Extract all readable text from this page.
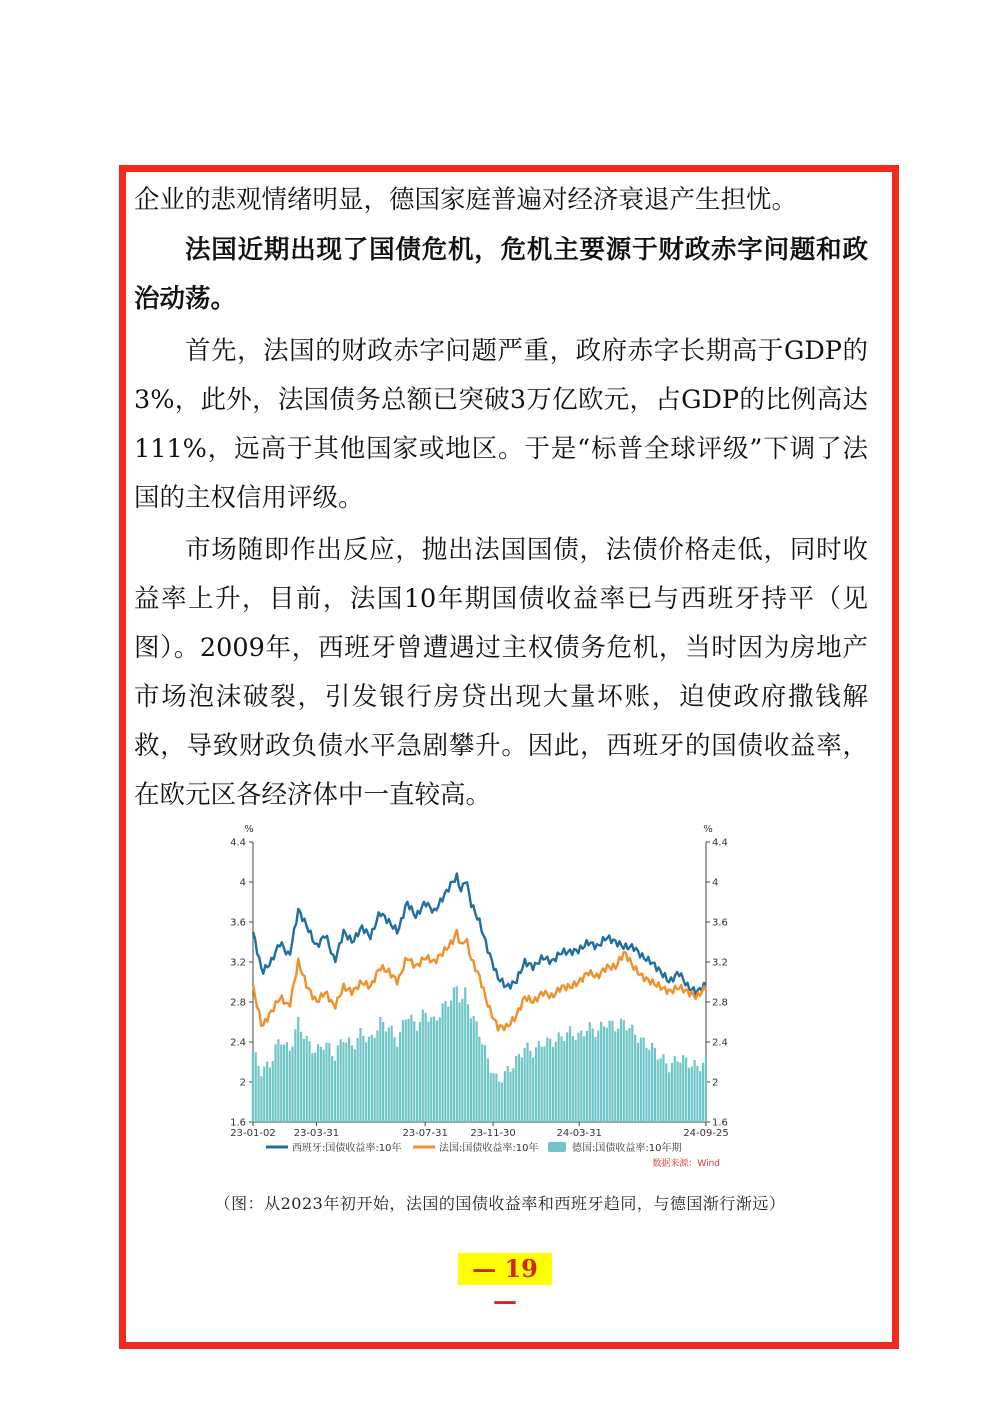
企业的悲观情绪明显，德国家庭普遍对经济衰退产生担忧。

法国近期出现了国债危机，危机主要源于财政赤字问题和政治动荡。

首先，法国的财政赤字问题严重，政府赤字长期高于GDP的3%，此外，法国债务总额已突破3万亿欧元，占GDP的比例高达111%，远高于其他国家或地区。于是“标普全球评级”下调了法国的主权信用评级。

市场随即作出反应，抛出法国国债，法债价格走低，同时收益率上升，目前，法国10年期国债收益率已与西班牙持平（见图）。2009年，西班牙曾遭遇过主权债务危机，当时因为房地产市场泡沫破裂，引发银行房贷出现大量坏账，迫使政府撒钱解救，导致财政负债水平急剧攀升。因此，西班牙的国债收益率，在欧元区各经济体中一直较高。

%	%
1.6	1.6
2	2
2.4	2.4
2.8	2.8
3.2	3.2
3.6	3.6
4	4
4.4	4.4
23-01-02 23-03-31	23-07-31 23-11-30	24-03-31	24-09-25
西班牙:国债收益率:10年	法国:国债收益率:10年	德国:国债收益率:10年期
数据来源：Wind
（图：从2023年初开始，法国的国债收益率和西班牙趋同，与德国渐行渐远）
— 19 —
